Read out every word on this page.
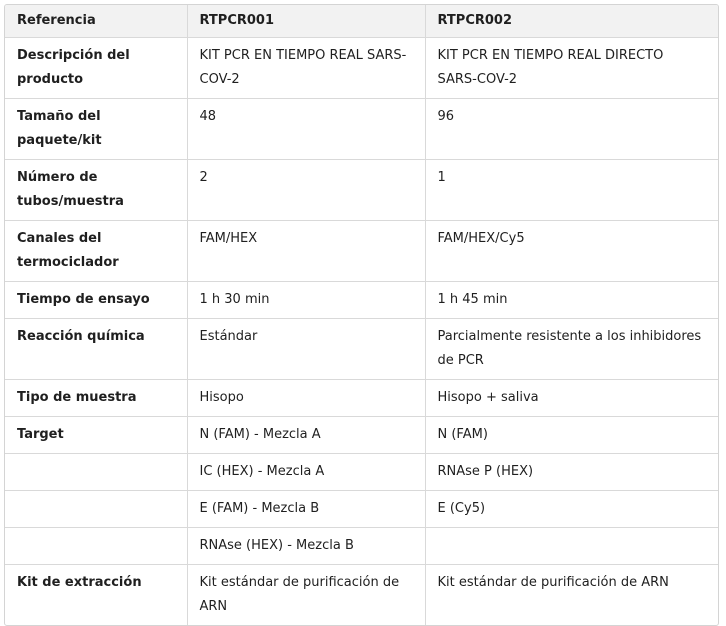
Referencia	RTPCR001	RTPCR002
Descripción del producto	KIT PCR EN TIEMPO REAL SARS-COV-2	KIT PCR EN TIEMPO REAL DIRECTO SARS-COV-2
Tamaño del paquete/kit	48	96
Número de tubos/muestra	2	1
Canales del termociclador	FAM/HEX	FAM/HEX/Cy5
Tiempo de ensayo	1 h 30 min	1 h 45 min
Reacción química	Estándar	Parcialmente resistente a los inhibidores de PCR
Tipo de muestra	Hisopo	Hisopo + saliva
Target	N (FAM) - Mezcla A	N (FAM)
	IC (HEX) - Mezcla A	RNAse P (HEX)
	E (FAM) - Mezcla B	E (Cy5)
	RNAse (HEX) - Mezcla B	
Kit de extracción	Kit estándar de purificación de ARN	Kit estándar de purificación de ARN
